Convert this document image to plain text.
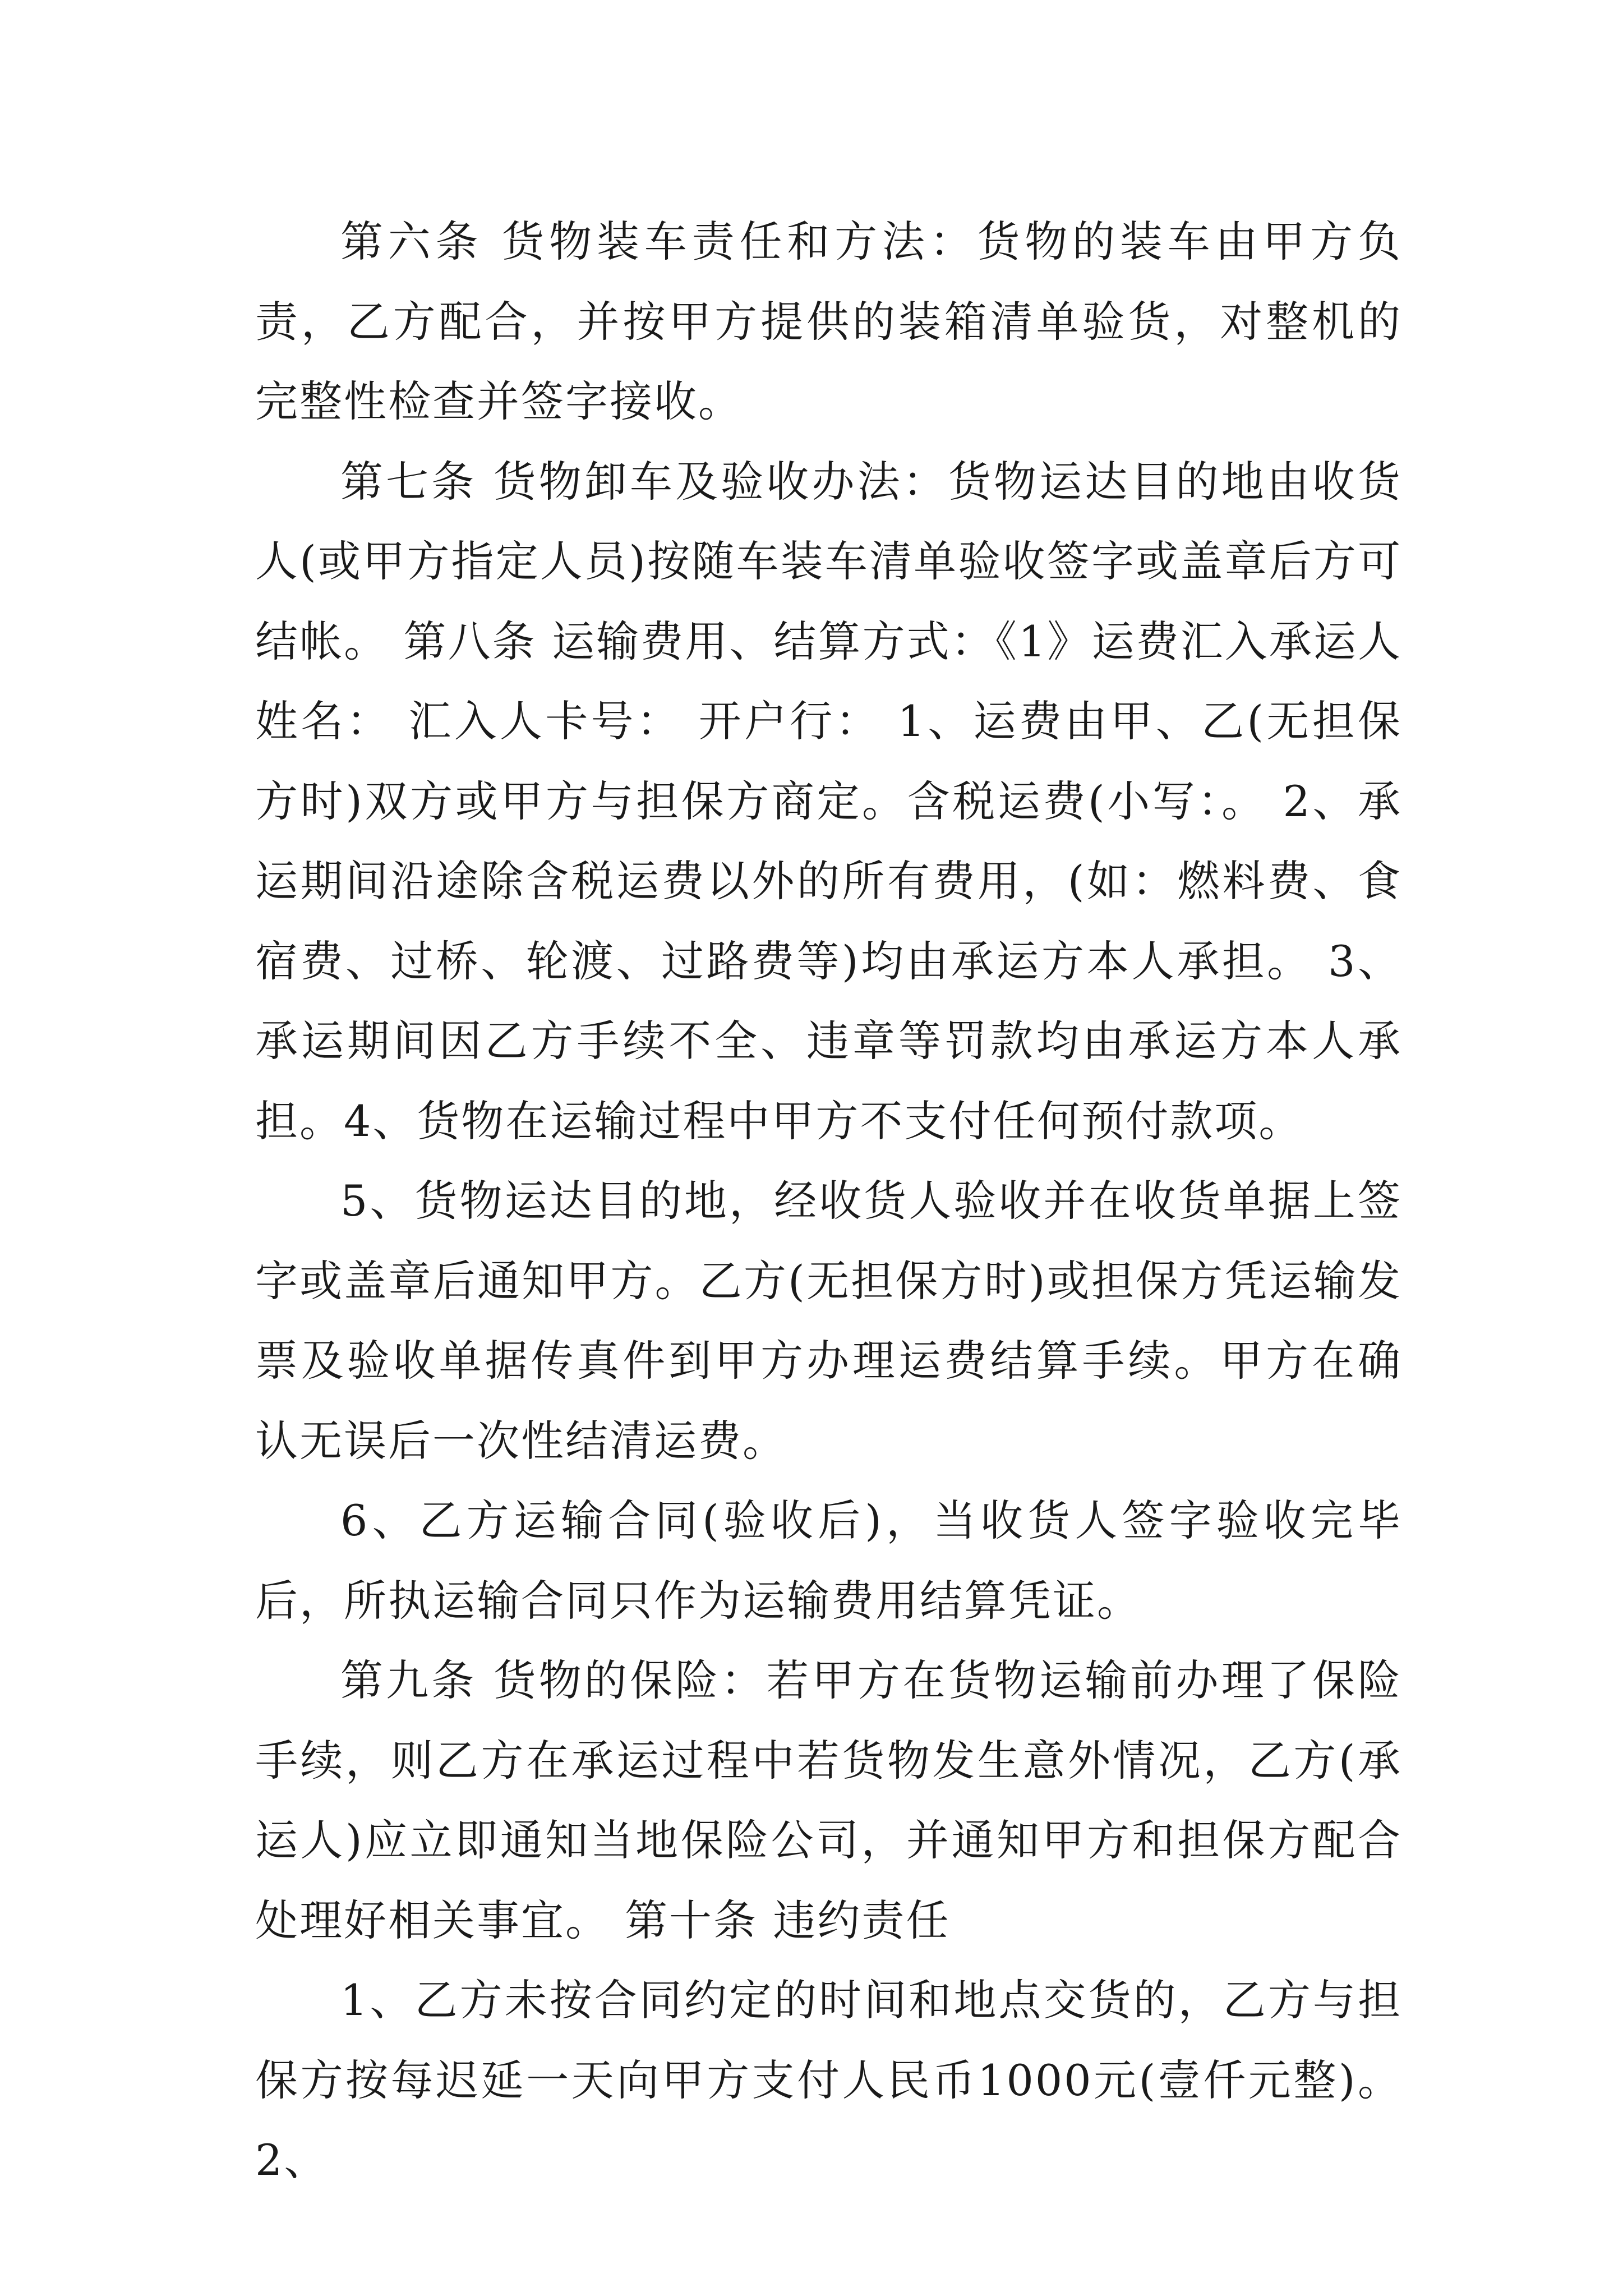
第六条 货物装车责任和方法：货物的装车由甲方负责，乙方配合，并按甲方提供的装箱清单验货，对整机的完整性检查并签字接收。

第七条 货物卸车及验收办法：货物运达目的地由收货人(或甲方指定人员)按随车装车清单验收签字或盖章后方可结帐。 第八条 运输费用、结算方式：《1》运费汇入承运人姓名： 汇入人卡号： 开户行： 1、运费由甲、乙(无担保方时)双方或甲方与担保方商定。含税运费(小写：。 2、承运期间沿途除含税运费以外的所有费用，(如：燃料费、食宿费、过桥、轮渡、过路费等)均由承运方本人承担。 3、承运期间因乙方手续不全、违章等罚款均由承运方本人承担。4、货物在运输过程中甲方不支付任何预付款项。

5、货物运达目的地，经收货人验收并在收货单据上签字或盖章后通知甲方。乙方(无担保方时)或担保方凭运输发票及验收单据传真件到甲方办理运费结算手续。甲方在确认无误后一次性结清运费。

6、乙方运输合同(验收后)，当收货人签字验收完毕后，所执运输合同只作为运输费用结算凭证。

第九条 货物的保险：若甲方在货物运输前办理了保险手续，则乙方在承运过程中若货物发生意外情况，乙方(承运人)应立即通知当地保险公司，并通知甲方和担保方配合处理好相关事宜。 第十条 违约责任

1、乙方未按合同约定的时间和地点交货的，乙方与担保方按每迟延一天向甲方支付人民币1000元(壹仟元整)。2、
